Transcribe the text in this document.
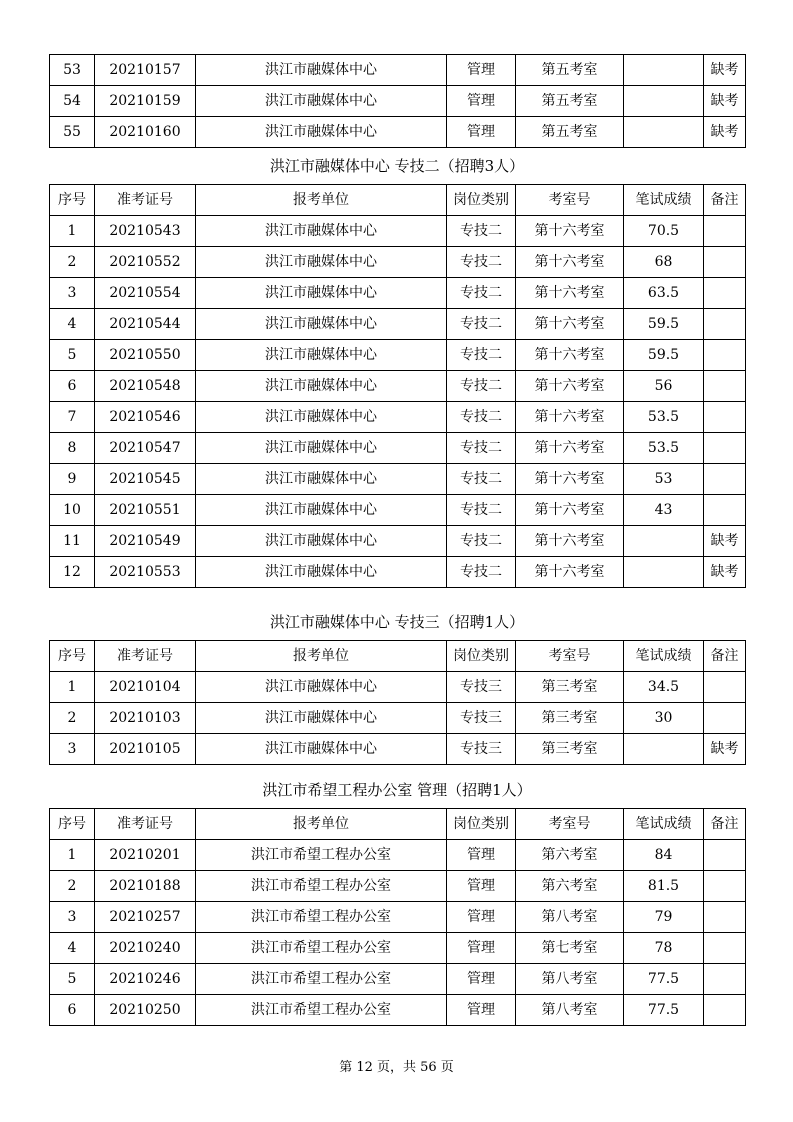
53	20210157	洪江市融媒体中心	管理	第五考室		缺考
54	20210159	洪江市融媒体中心	管理	第五考室		缺考
55	20210160	洪江市融媒体中心	管理	第五考室		缺考
洪江市融媒体中心 专技二（招聘3人）
序号	准考证号	报考单位	岗位类别	考室号	笔试成绩	备注
1	20210543	洪江市融媒体中心	专技二	第十六考室	70.5	
2	20210552	洪江市融媒体中心	专技二	第十六考室	68	
3	20210554	洪江市融媒体中心	专技二	第十六考室	63.5	
4	20210544	洪江市融媒体中心	专技二	第十六考室	59.5	
5	20210550	洪江市融媒体中心	专技二	第十六考室	59.5	
6	20210548	洪江市融媒体中心	专技二	第十六考室	56	
7	20210546	洪江市融媒体中心	专技二	第十六考室	53.5	
8	20210547	洪江市融媒体中心	专技二	第十六考室	53.5	
9	20210545	洪江市融媒体中心	专技二	第十六考室	53	
10	20210551	洪江市融媒体中心	专技二	第十六考室	43	
11	20210549	洪江市融媒体中心	专技二	第十六考室		缺考
12	20210553	洪江市融媒体中心	专技二	第十六考室		缺考
洪江市融媒体中心 专技三（招聘1人）
序号	准考证号	报考单位	岗位类别	考室号	笔试成绩	备注
1	20210104	洪江市融媒体中心	专技三	第三考室	34.5	
2	20210103	洪江市融媒体中心	专技三	第三考室	30	
3	20210105	洪江市融媒体中心	专技三	第三考室		缺考
洪江市希望工程办公室 管理（招聘1人）
序号	准考证号	报考单位	岗位类别	考室号	笔试成绩	备注
1	20210201	洪江市希望工程办公室	管理	第六考室	84	
2	20210188	洪江市希望工程办公室	管理	第六考室	81.5	
3	20210257	洪江市希望工程办公室	管理	第八考室	79	
4	20210240	洪江市希望工程办公室	管理	第七考室	78	
5	20210246	洪江市希望工程办公室	管理	第八考室	77.5	
6	20210250	洪江市希望工程办公室	管理	第八考室	77.5	
第 12 页，共 56 页
